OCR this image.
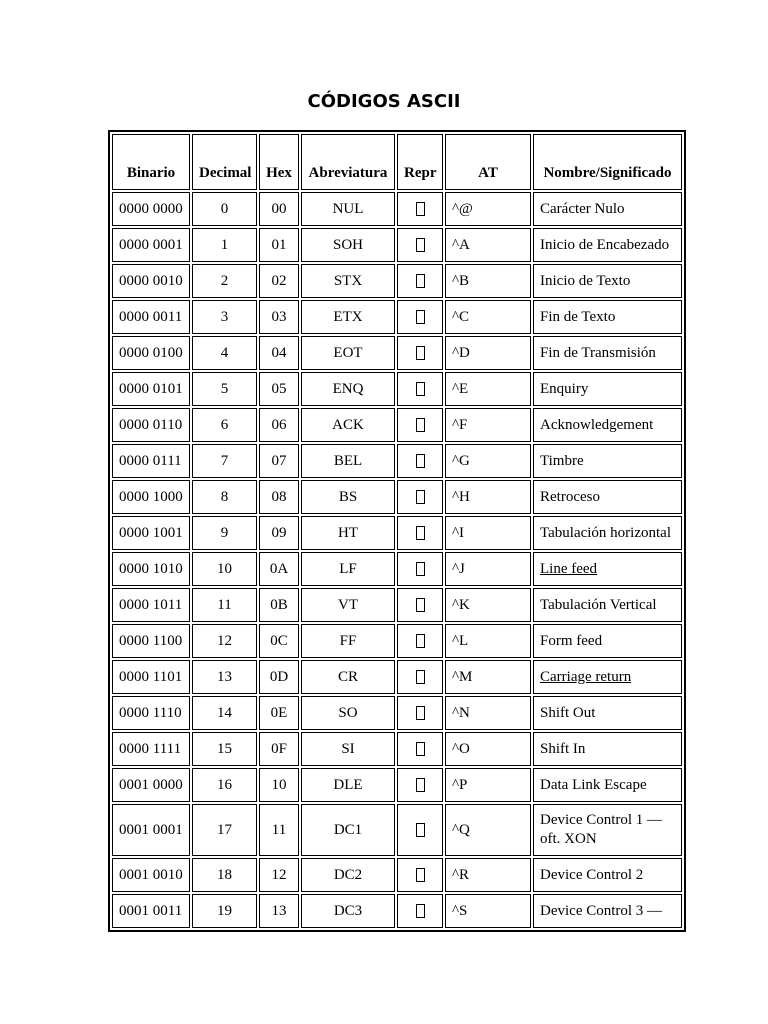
CÓDIGOS ASCII
Binario	Decimal	Hex	Abreviatura	Repr	AT	Nombre/Significado
0000 0000	0	00	NUL		^@	Carácter Nulo
0000 0001	1	01	SOH		^A	Inicio de Encabezado
0000 0010	2	02	STX		^B	Inicio de Texto
0000 0011	3	03	ETX		^C	Fin de Texto
0000 0100	4	04	EOT		^D	Fin de Transmisión
0000 0101	5	05	ENQ		^E	Enquiry
0000 0110	6	06	ACK		^F	Acknowledgement
0000 0111	7	07	BEL		^G	Timbre
0000 1000	8	08	BS		^H	Retroceso
0000 1001	9	09	HT		^I	Tabulación horizontal
0000 1010	10	0A	LF		^J	Line feed
0000 1011	11	0B	VT		^K	Tabulación Vertical
0000 1100	12	0C	FF		^L	Form feed
0000 1101	13	0D	CR		^M	Carriage return
0000 1110	14	0E	SO		^N	Shift Out
0000 1111	15	0F	SI		^O	Shift In
0001 0000	16	10	DLE		^P	Data Link Escape
0001 0001	17	11	DC1		^Q	Device Control 1 — oft. XON
0001 0010	18	12	DC2		^R	Device Control 2
0001 0011	19	13	DC3		^S	Device Control 3 —
